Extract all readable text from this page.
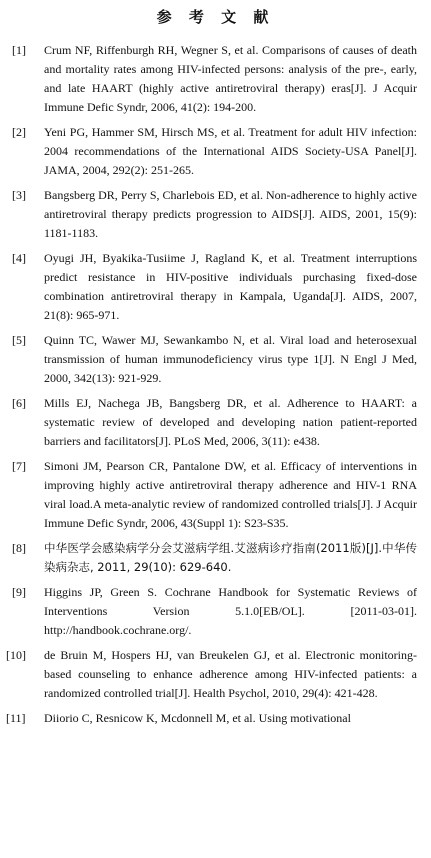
参 考 文 献
[1]	Crum NF, Riffenburgh RH, Wegner S, et al. Comparisons of causes of death and mortality rates among HIV-infected persons: analysis of the pre-, early, and late HAART (highly active antiretroviral therapy) eras[J]. J Acquir Immune Defic Syndr, 2006, 41(2): 194-200.
[2]	Yeni PG, Hammer SM, Hirsch MS, et al. Treatment for adult HIV infection: 2004 recommendations of the International AIDS Society-USA Panel[J]. JAMA, 2004, 292(2): 251-265.
[3]	Bangsberg DR, Perry S, Charlebois ED, et al. Non-adherence to highly active antiretroviral therapy predicts progression to AIDS[J]. AIDS, 2001, 15(9): 1181-1183.
[4]	Oyugi JH, Byakika-Tusiime J, Ragland K, et al. Treatment interruptions predict resistance in HIV-positive individuals purchasing fixed-dose combination antiretroviral therapy in Kampala, Uganda[J]. AIDS, 2007, 21(8): 965-971.
[5]	Quinn TC, Wawer MJ, Sewankambo N, et al. Viral load and heterosexual transmission of human immunodeficiency virus type 1[J]. N Engl J Med, 2000, 342(13): 921-929.
[6]	Mills EJ, Nachega JB, Bangsberg DR, et al. Adherence to HAART: a systematic review of developed and developing nation patient-reported barriers and facilitators[J]. PLoS Med, 2006, 3(11): e438.
[7]	Simoni JM, Pearson CR, Pantalone DW, et al. Efficacy of interventions in improving highly active antiretroviral therapy adherence and HIV-1 RNA viral load.A meta-analytic review of randomized controlled trials[J]. J Acquir Immune Defic Syndr, 2006, 43(Suppl 1): S23-S35.
[8]	中华医学会感染病学分会艾滋病学组.艾滋病诊疗指南(2011版)[J].中华传染病杂志, 2011, 29(10): 629-640.
[9]	Higgins JP, Green S. Cochrane Handbook for Systematic Reviews of Interventions Version 5.1.0[EB/OL]. [2011-03-01]. http://handbook.cochrane.org/.
[10]	de Bruin M, Hospers HJ, van Breukelen GJ, et al. Electronic monitoring-based counseling to enhance adherence among HIV-infected patients: a randomized controlled trial[J]. Health Psychol, 2010, 29(4): 421-428.
[11]	Diiorio C, Resnicow K, Mcdonnell M, et al. Using motivational
